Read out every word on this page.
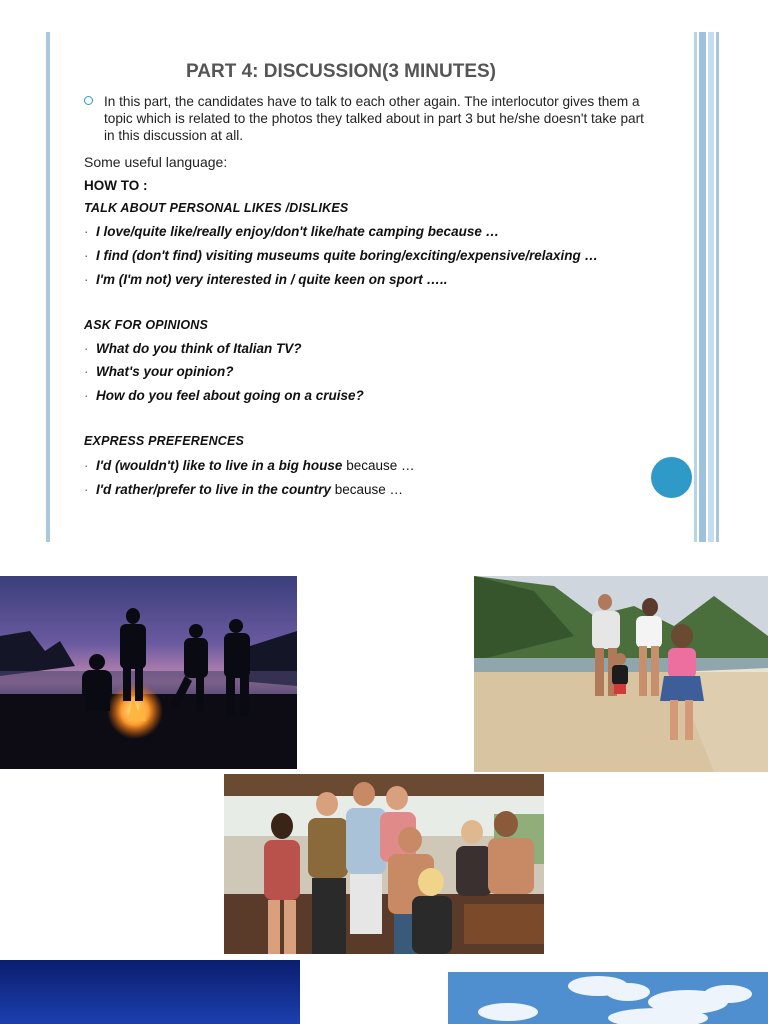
PART 4: DISCUSSION(3 MINUTES)
In this part, the candidates have to talk to each other again. The interlocutor gives them a topic which is related to the photos they talked about in part 3 but he/she doesn't take part in this discussion at all.
Some useful language:
HOW TO :
TALK ABOUT PERSONAL LIKES /DISLIKES
· I love/quite like/really enjoy/don't like/hate camping because …
· I find (don't find) visiting museums quite boring/exciting/expensive/relaxing …
· I'm (I'm not) very interested in / quite keen on sport …..
ASK FOR OPINIONS
· What do you think of Italian TV?
· What's your opinion?
· How do you feel about going on a cruise?
EXPRESS PREFERENCES
· I'd (wouldn't) like to live in a big house because …
· I'd rather/prefer to live in the country because …
